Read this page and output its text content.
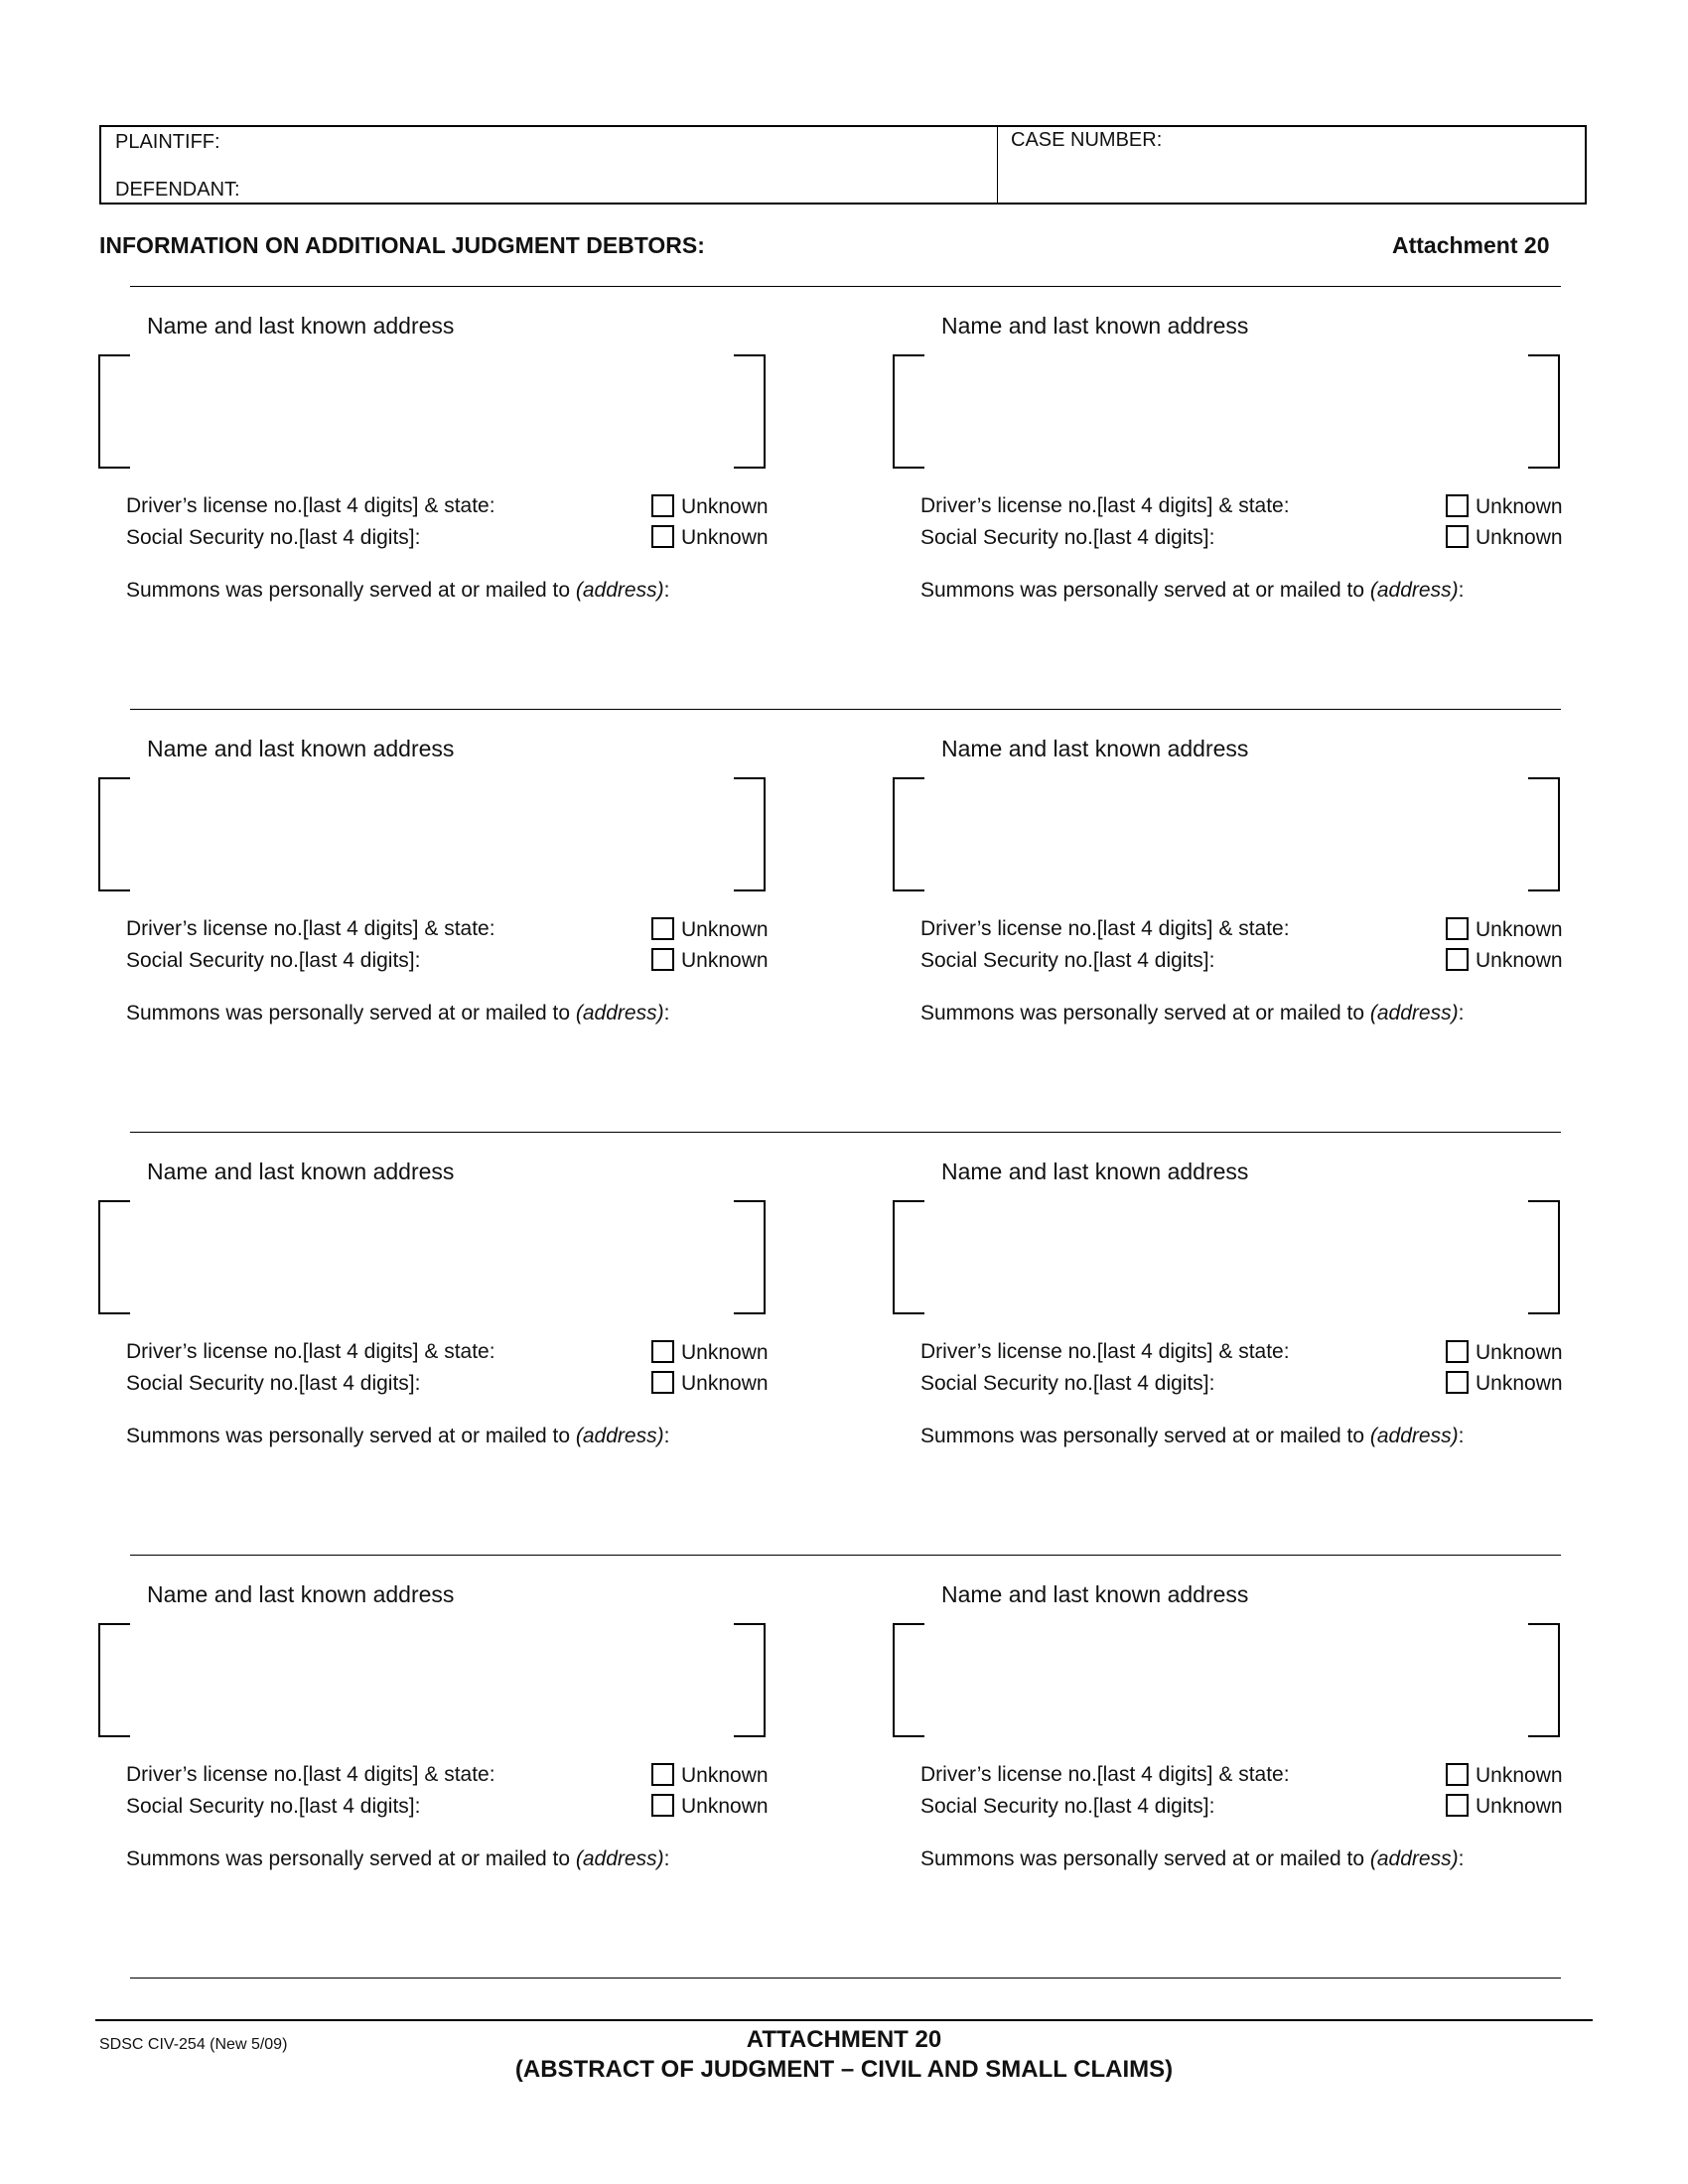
PLAINTIFF:
DEFENDANT:
CASE NUMBER:
INFORMATION ON ADDITIONAL JUDGMENT DEBTORS:	Attachment 20
Name and last known address
Driver’s license no.[last 4 digits] & state:	Unknown
Social Security no.[last 4 digits]:	Unknown
Summons was personally served at or mailed to (address):
Name and last known address
Driver’s license no.[last 4 digits] & state:	Unknown
Social Security no.[last 4 digits]:	Unknown
Summons was personally served at or mailed to (address):
Name and last known address
Driver’s license no.[last 4 digits] & state:	Unknown
Social Security no.[last 4 digits]:	Unknown
Summons was personally served at or mailed to (address):
Name and last known address
Driver’s license no.[last 4 digits] & state:	Unknown
Social Security no.[last 4 digits]:	Unknown
Summons was personally served at or mailed to (address):
Name and last known address
Driver’s license no.[last 4 digits] & state:	Unknown
Social Security no.[last 4 digits]:	Unknown
Summons was personally served at or mailed to (address):
Name and last known address
Driver’s license no.[last 4 digits] & state:	Unknown
Social Security no.[last 4 digits]:	Unknown
Summons was personally served at or mailed to (address):
Name and last known address
Driver’s license no.[last 4 digits] & state:	Unknown
Social Security no.[last 4 digits]:	Unknown
Summons was personally served at or mailed to (address):
Name and last known address
Driver’s license no.[last 4 digits] & state:	Unknown
Social Security no.[last 4 digits]:	Unknown
Summons was personally served at or mailed to (address):
SDSC CIV-254 (New 5/09)	ATTACHMENT 20
(ABSTRACT OF JUDGMENT – CIVIL AND SMALL CLAIMS)
